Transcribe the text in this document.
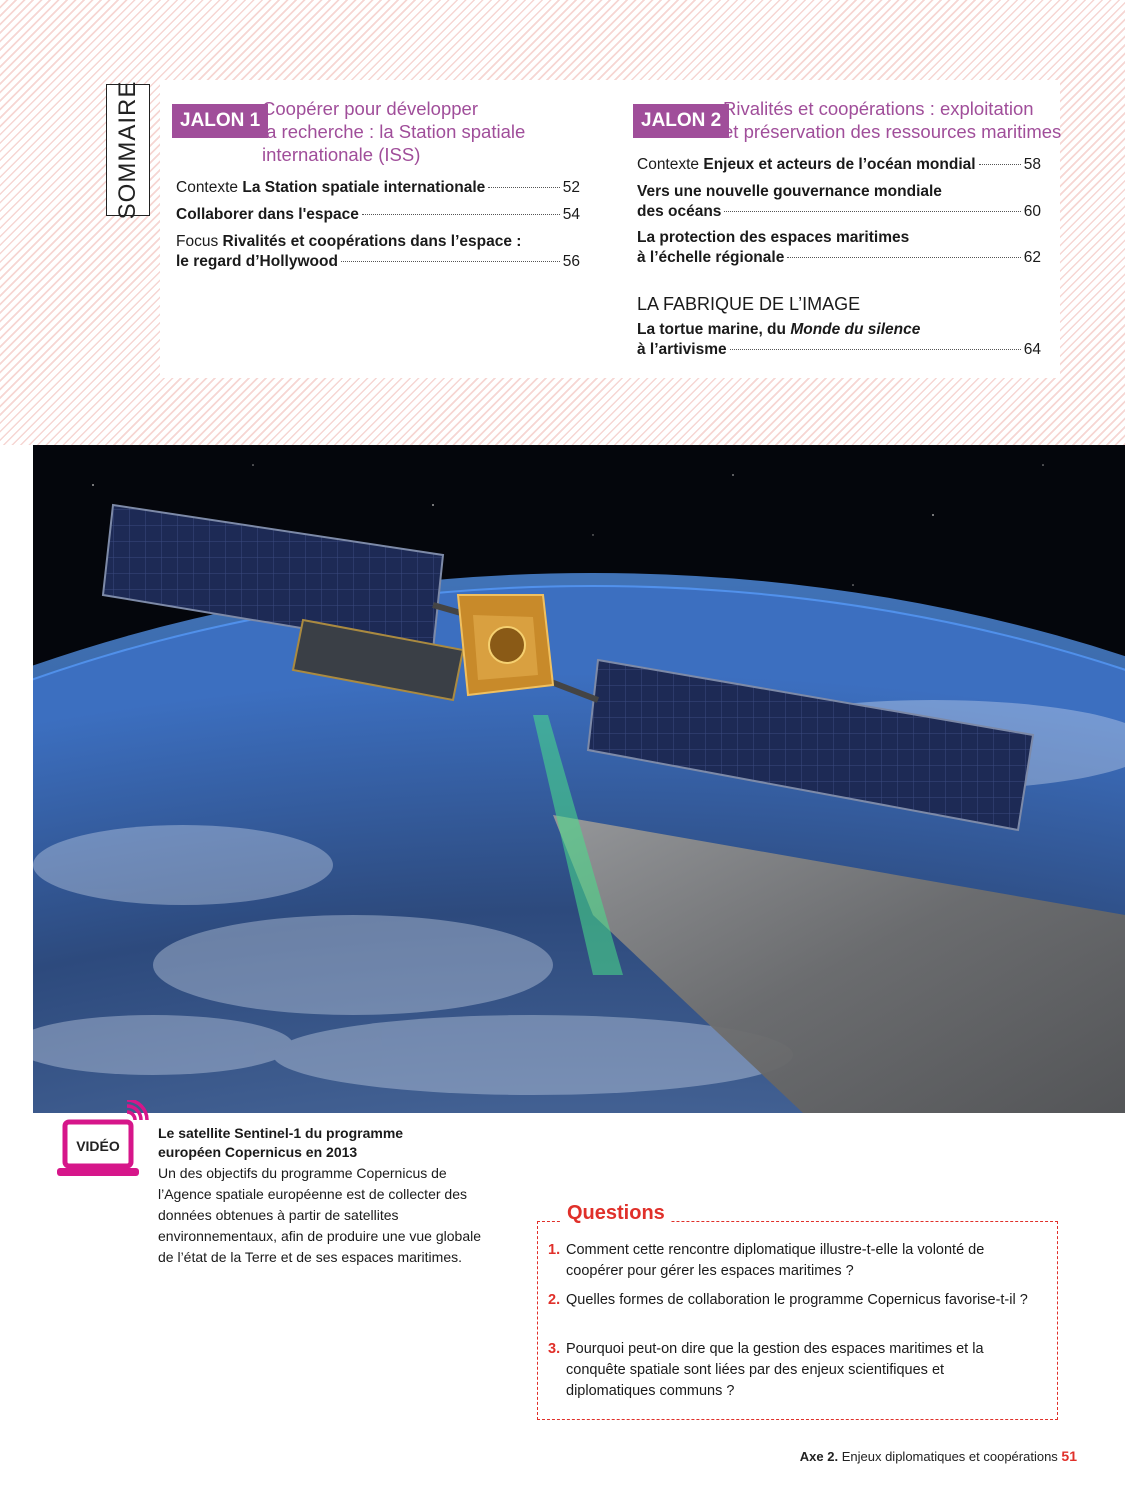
SOMMAIRE	JALON 1
Coopérer pour développer
la recherche : la Station spatiale
internationale (ISS)
Contexte La Station spatiale internationale	52
Collaborer dans l'espace	54
Focus Rivalités et coopérations dans l’espace :
le regard d’Hollywood	56
JALON 2
Rivalités et coopérations : exploitation
et préservation des ressources maritimes
Contexte Enjeux et acteurs de l’océan mondial	58
Vers une nouvelle gouvernance mondiale
des océans	60
La protection des espaces maritimes
à l’échelle régionale	62
LA FABRIQUE DE L’IMAGE
La tortue marine, du Monde du silence
à l’artivisme	64
VIDÉO
Le satellite Sentinel-1 du programme européen Copernicus en 2013
Un des objectifs du programme Copernicus de l’Agence spatiale européenne est de collecter des données obtenues à partir de satellites environnementaux, afin de produire une vue globale de l’état de la Terre et de ses espaces maritimes.
Questions
1. Comment cette rencontre diplomatique illustre-t-elle la volonté de coopérer pour gérer les espaces maritimes ?
2. Quelles formes de collaboration le programme Copernicus favorise-t-il ?
3. Pourquoi peut-on dire que la gestion des espaces maritimes et la conquête spatiale sont liées par des enjeux scientifiques et diplomatiques communs ?
Axe 2. Enjeux diplomatiques et coopérations 51
